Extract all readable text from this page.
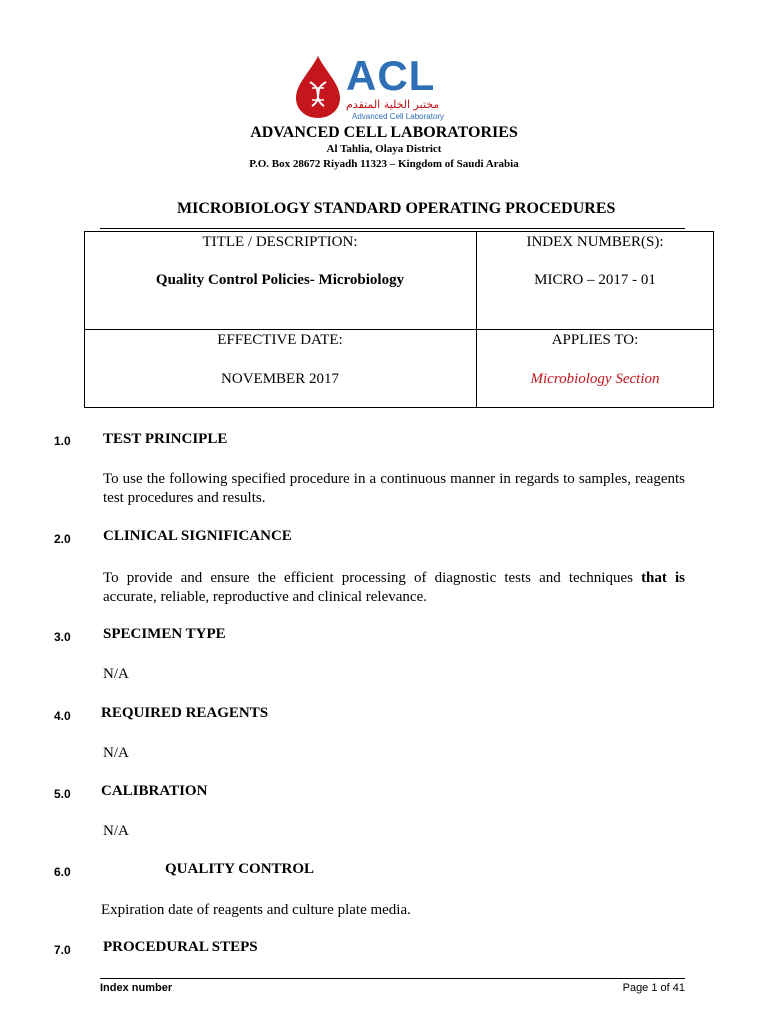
ACL
مختبر الخلية المتقدم
Advanced Cell Laboratory
ADVANCED CELL LABORATORIES
Al Tahlia, Olaya District
P.O. Box 28672 Riyadh 11323 – Kingdom of Saudi Arabia
MICROBIOLOGY STANDARD OPERATING PROCEDURES
TITLE / DESCRIPTION:
Quality Control Policies- Microbiology
INDEX NUMBER(S):
MICRO – 2017 - 01
EFFECTIVE DATE:
NOVEMBER 2017
APPLIES TO:
Microbiology Section
1.0 TEST PRINCIPLE
To use the following specified procedure in a continuous manner in regards to samples, reagents test procedures and results.
2.0 CLINICAL SIGNIFICANCE
To provide and ensure the efficient processing of diagnostic tests and techniques that is accurate, reliable, reproductive and clinical relevance.
3.0 SPECIMEN TYPE
N/A
4.0 REQUIRED REAGENTS
N/A
5.0 CALIBRATION
N/A
6.0	QUALITY CONTROL
Expiration date of reagents and culture plate media.
7.0 PROCEDURAL STEPS
Index number	Page 1 of 41
